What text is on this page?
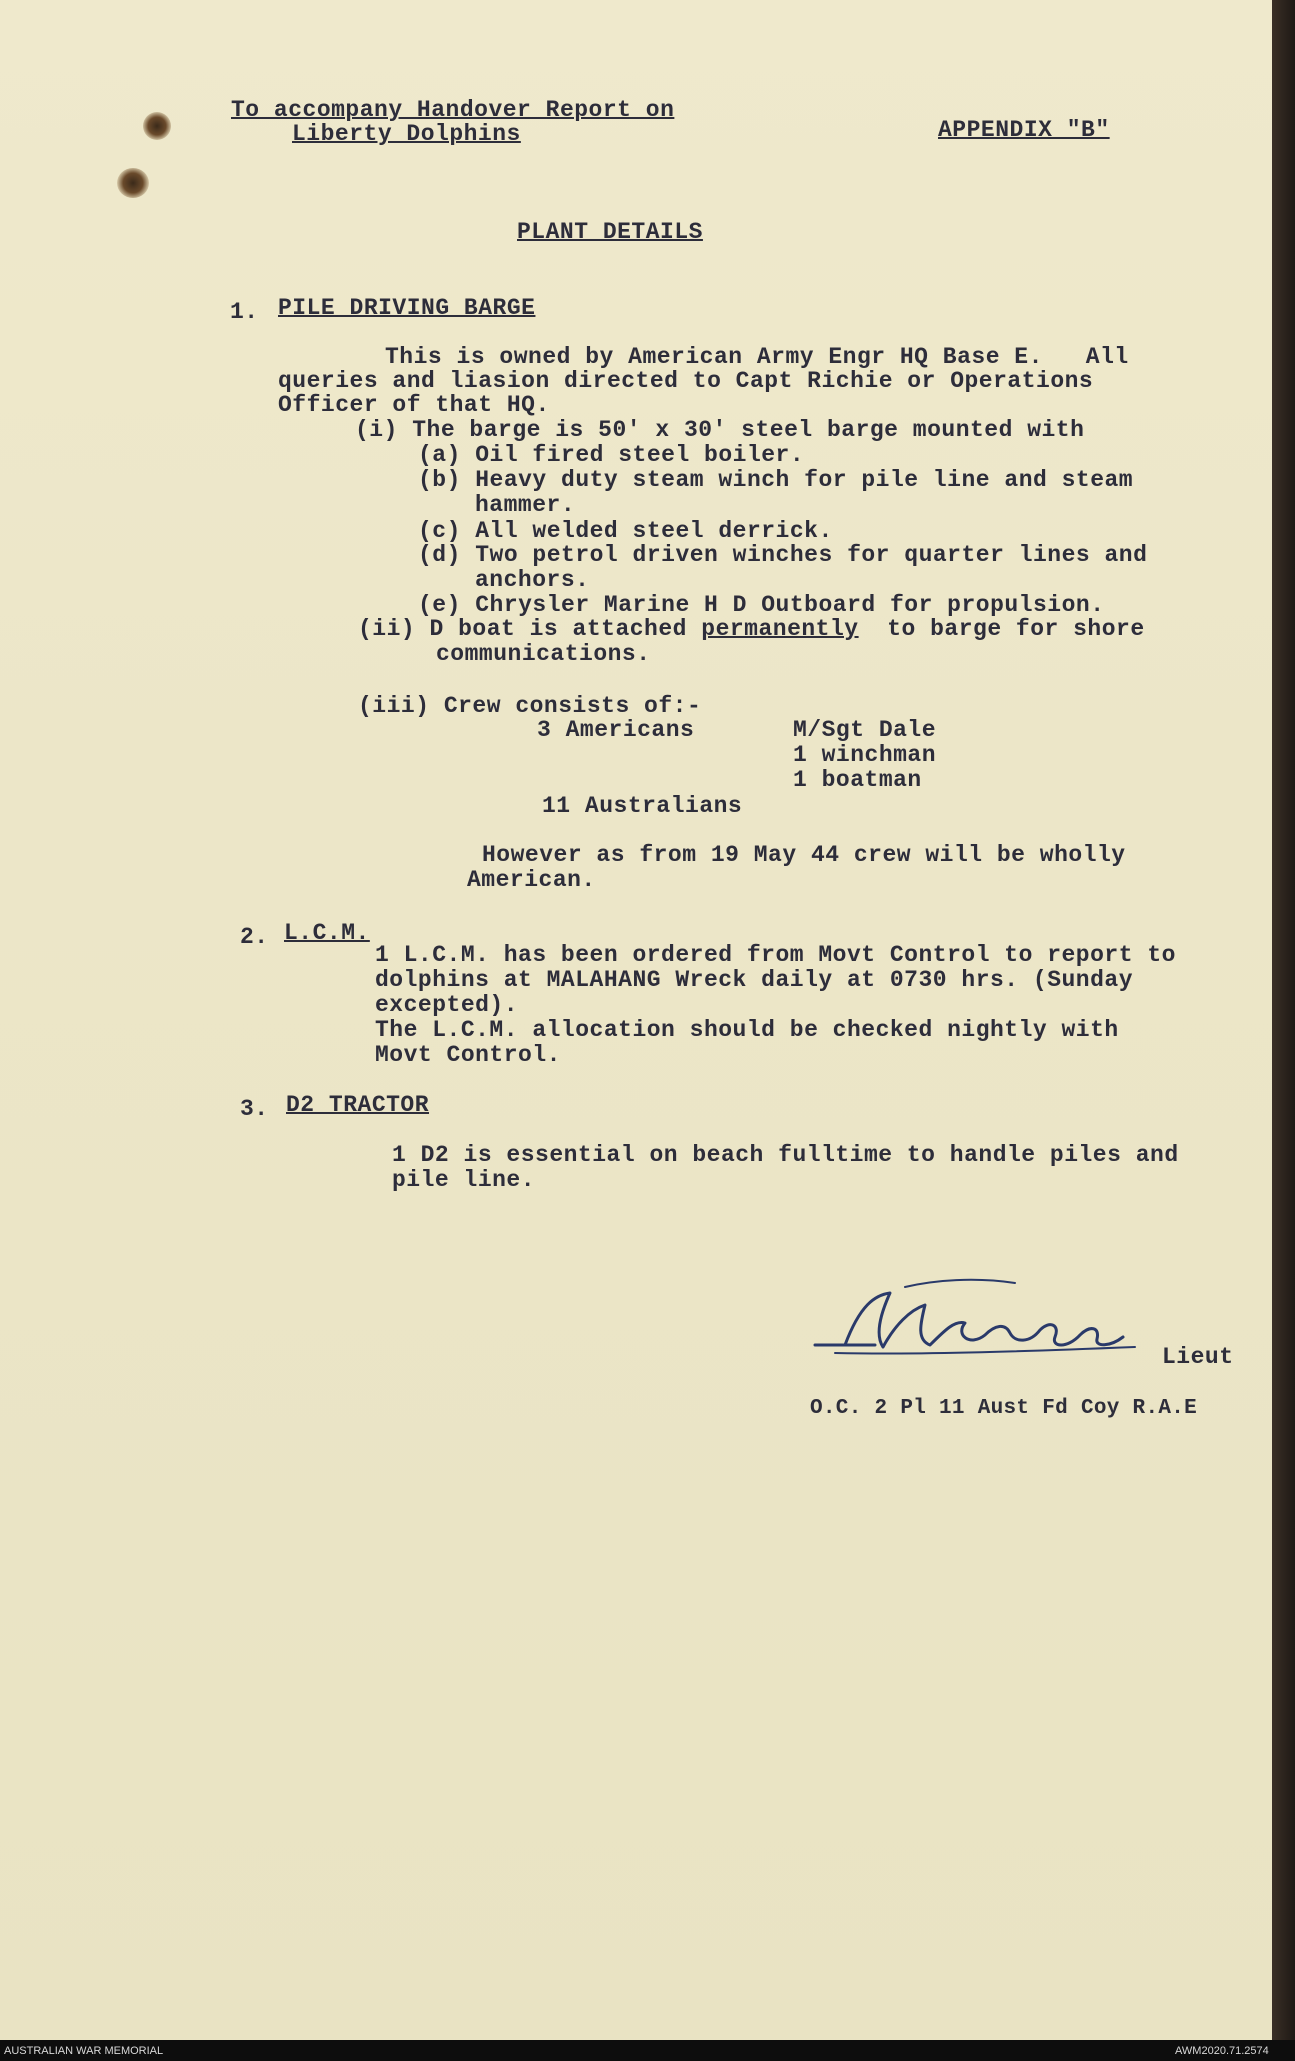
To accompany Handover Report on
Liberty Dolphins	APPENDIX "B"
PLANT DETAILS
1. PILE DRIVING BARGE
This is owned by American Army Engr HQ Base E.   All
queries and liasion directed to Capt Richie or Operations
Officer of that HQ.
(i) The barge is 50' x 30' steel barge mounted with
(a) Oil fired steel boiler.
(b) Heavy duty steam winch for pile line and steam
hammer.
(c) All welded steel derrick.
(d) Two petrol driven winches for quarter lines and
anchors.
(e) Chrysler Marine H D Outboard for propulsion.
(ii) D boat is attached permanently  to barge for shore
communications.
(iii) Crew consists of:-
3 Americans	M/Sgt Dale
1 winchman
1 boatman
11 Australians
However as from 19 May 44 crew will be wholly
American.
2. L.C.M.
1 L.C.M. has been ordered from Movt Control to report to
dolphins at MALAHANG Wreck daily at 0730 hrs. (Sunday
excepted).
The L.C.M. allocation should be checked nightly with
Movt Control.
3. D2 TRACTOR
1 D2 is essential on beach fulltime to handle piles and
pile line.
Lieut
O.C. 2 Pl 11 Aust Fd Coy R.A.E
AUSTRALIAN WAR MEMORIAL	AWM2020.71.2574
